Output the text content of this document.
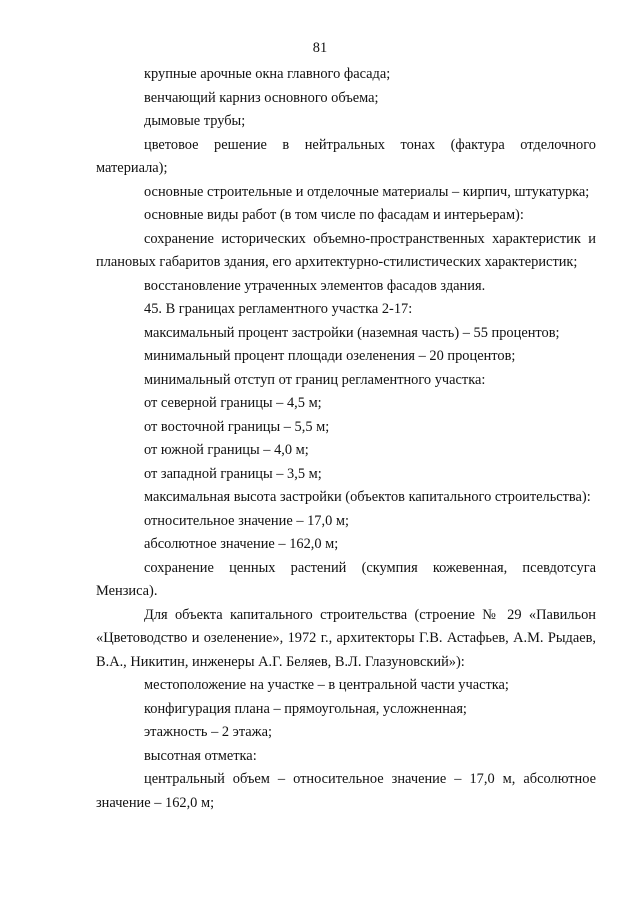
81

крупные арочные окна главного фасада;

венчающий карниз основного объема;

дымовые трубы;

цветовое решение в нейтральных тонах (фактура отделочного материала);

основные строительные и отделочные материалы – кирпич, штукатурка;

основные виды работ (в том числе по фасадам и интерьерам):

сохранение исторических объемно-пространственных характеристик и плановых габаритов здания, его архитектурно-стилистических характеристик;

восстановление утраченных элементов фасадов здания.

45. В границах регламентного участка 2-17:

максимальный процент застройки (наземная часть) – 55 процентов;

минимальный процент площади озеленения – 20 процентов;

минимальный отступ от границ регламентного участка:

от северной границы – 4,5 м;

от восточной границы – 5,5 м;

от южной границы – 4,0 м;

от западной границы – 3,5 м;

максимальная высота застройки (объектов капитального строительства):

относительное значение – 17,0 м;

абсолютное значение – 162,0 м;

сохранение ценных растений (скумпия кожевенная, псевдотсуга Мензиса).

Для объекта капитального строительства (строение № 29 «Павильон «Цветоводство и озеленение», 1972 г., архитекторы Г.В. Астафьев, А.М. Рыдаев, В.А., Никитин, инженеры А.Г. Беляев, В.Л. Глазуновский»):

местоположение на участке – в центральной части участка;

конфигурация плана – прямоугольная, усложненная;

этажность – 2 этажа;

высотная отметка:

центральный объем – относительное значение – 17,0 м, абсолютное значение – 162,0 м;
